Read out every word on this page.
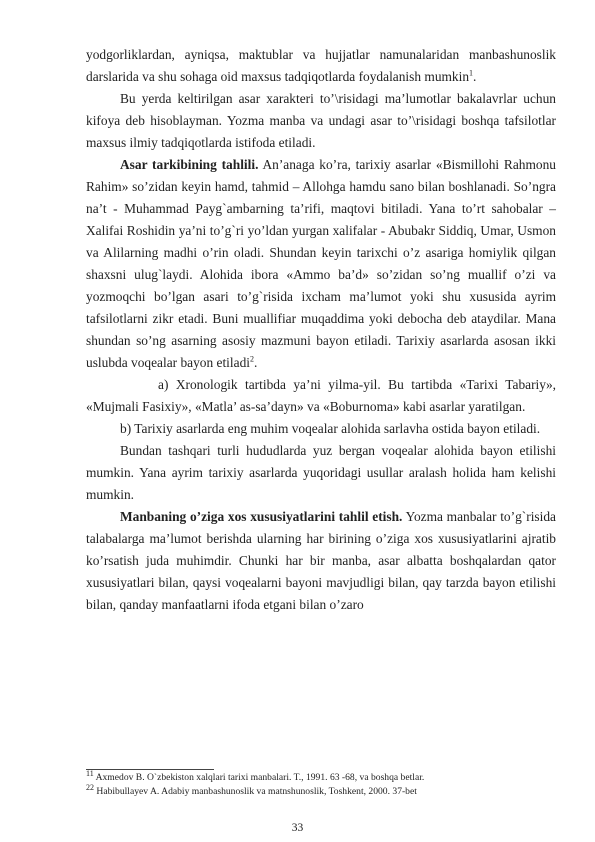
yodgorliklardan, ayniqsa, maktublar va hujjatlar namunalaridan manbashunoslik darslarida va shu sohaga oid maxsus tadqiqotlarda foydalanish mumkin$^1$.

Bu yerda keltirilgan asar xarakteri to’\risidagi ma’lumotlar bakalavrlar uchun kifoya deb hisoblayman. Yozma manba va undagi asar to’\risidagi boshqa tafsilotlar maxsus ilmiy tadqiqotlarda istifoda etiladi.

Asar tarkibining tahlili. An’anaga ko’ra, tarixiy asarlar «Bismillohi Rahmonu Rahim» so’zidan keyin hamd, tahmid – Allohga hamdu sano bilan boshlanadi. So’ngra na’t - Muhammad Payg`ambarning ta’rifi, maqtovi bitiladi. Yana to’rt sahobalar – Xalifai Roshidin ya’ni to’g`ri yo’ldan yurgan xalifalar - Abubakr Siddiq, Umar, Usmon va Alilarning madhi o’rin oladi. Shundan keyin tarixchi o’z asariga homiylik qilgan shaxsni ulug`laydi. Alohida ibora «Ammo ba’d» so’zidan so’ng muallif o’zi va yozmoqchi bo’lgan asari to’g`risida ixcham ma’lumot yoki shu xususida ayrim tafsilotlarni zikr etadi. Buni muallifiar muqaddima yoki debocha deb ataydilar. Mana shundan so’ng asarning asosiy mazmuni bayon etiladi. Tarixiy asarlarda asosan ikki uslubda voqealar bayon etiladi$^2$.

a) Xronologik tartibda ya’ni yilma-yil. Bu tartibda «Tarixi Tabariy», «Mujmali Fasixiy», «Matla’ as-sa’dayn» va «Boburnoma» kabi asarlar yaratilgan.

b) Tarixiy asarlarda eng muhim voqealar alohida sarlavha ostida bayon etiladi.

Bundan tashqari turli hududlarda yuz bergan voqealar alohida bayon etilishi mumkin. Yana ayrim tarixiy asarlarda yuqoridagi usullar aralash holida ham kelishi mumkin.

Manbaning o’ziga xos xususiyatlarini tahlil etish. Yozma manbalar to’g`risida talabalarga ma’lumot berishda ularning har birining o’ziga xos xususiyatlarini ajratib ko’rsatish juda muhimdir. Chunki har bir manba, asar albatta boshqalardan qator xususiyatlari bilan, qaysi voqealarni bayoni mavjudligi bilan, qay tarzda bayon etilishi bilan, qanday manfaatlarni ifoda etgani bilan o’zaro

$^{11}$ Axmedov B. O`zbekiston xalqlari tarixi manbalari. T., 1991. 63 -68, va boshqa betlar.
$^{22}$ Habibullayev A. Adabiy manbashunoslik va matnshunoslik, Toshkent, 2000. 37-bet
33
